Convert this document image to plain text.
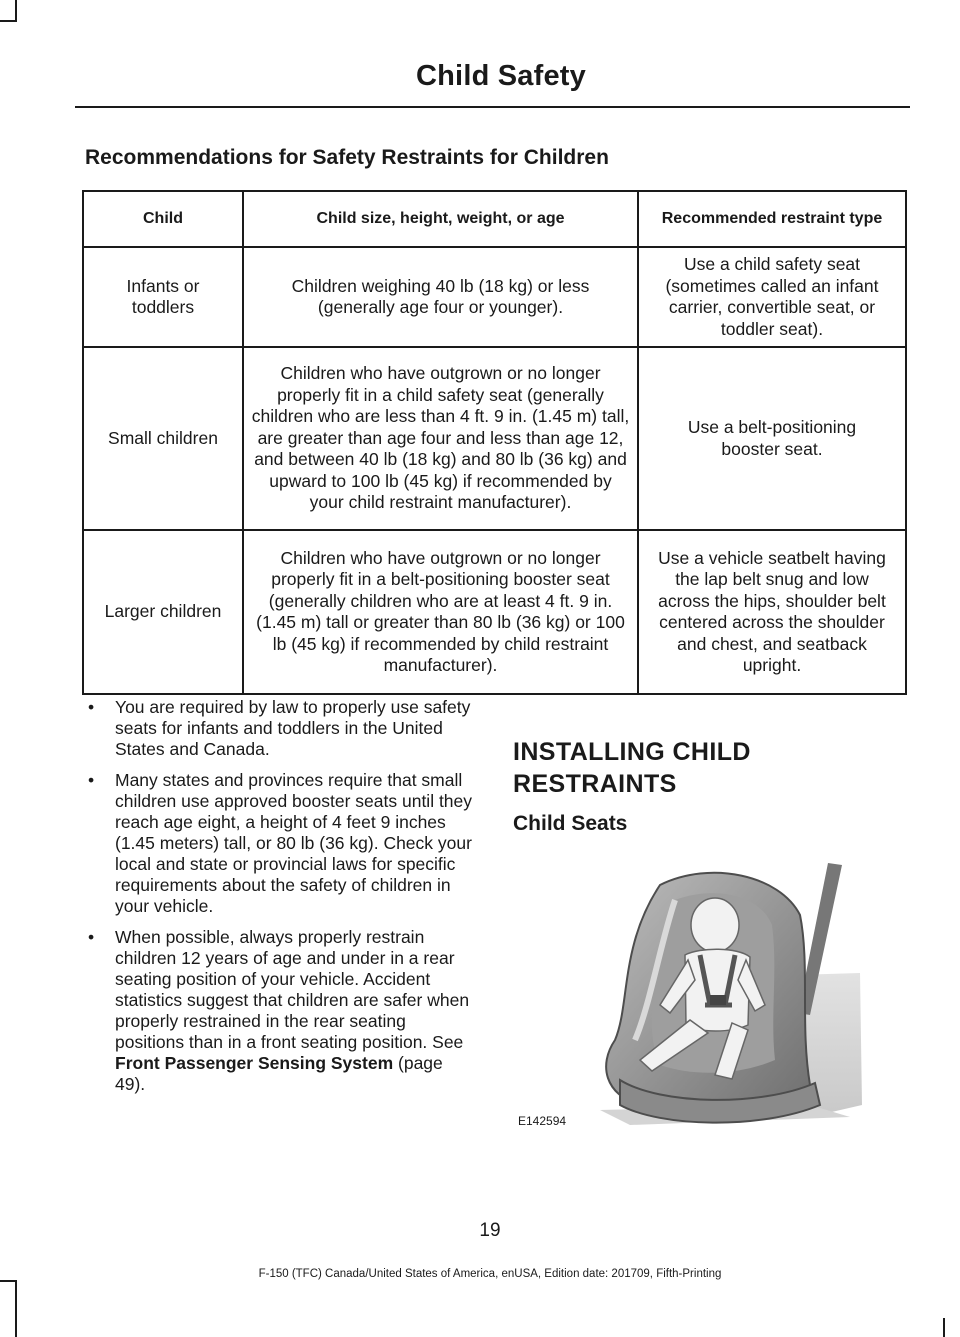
Child Safety
Recommendations for Safety Restraints for Children
Child	Child size, height, weight, or age	Recommended restraint type
Infants or toddlers	Children weighing 40 lb (18 kg) or less (generally age four or younger).	Use a child safety seat (sometimes called an infant carrier, convertible seat, or toddler seat).
Small children	Children who have outgrown or no longer properly fit in a child safety seat (generally children who are less than 4 ft. 9 in. (1.45 m) tall, are greater than age four and less than age 12, and between 40 lb (18 kg) and 80 lb (36 kg) and upward to 100 lb (45 kg) if recommended by your child restraint manufacturer).	Use a belt-positioning booster seat.
Larger children	Children who have outgrown or no longer properly fit in a belt-positioning booster seat (generally children who are at least 4 ft. 9 in. (1.45 m) tall or greater than 80 lb (36 kg) or 100 lb (45 kg) if recommended by child restraint manufacturer).	Use a vehicle seatbelt having the lap belt snug and low across the hips, shoulder belt centered across the shoulder and chest, and seatback upright.
• You are required by law to properly use safety seats for infants and toddlers in the United States and Canada.
• Many states and provinces require that small children use approved booster seats until they reach age eight, a height of 4 feet 9 inches (1.45 meters) tall, or 80 lb (36 kg). Check your local and state or provincial laws for specific requirements about the safety of children in your vehicle.
• When possible, always properly restrain children 12 years of age and under in a rear seating position of your vehicle. Accident statistics suggest that children are safer when properly restrained in the rear seating positions than in a front seating position. See Front Passenger Sensing System (page 49).
INSTALLING CHILD RESTRAINTS
Child Seats
E142594
19
F-150 (TFC) Canada/United States of America, enUSA, Edition date: 201709, Fifth-Printing
